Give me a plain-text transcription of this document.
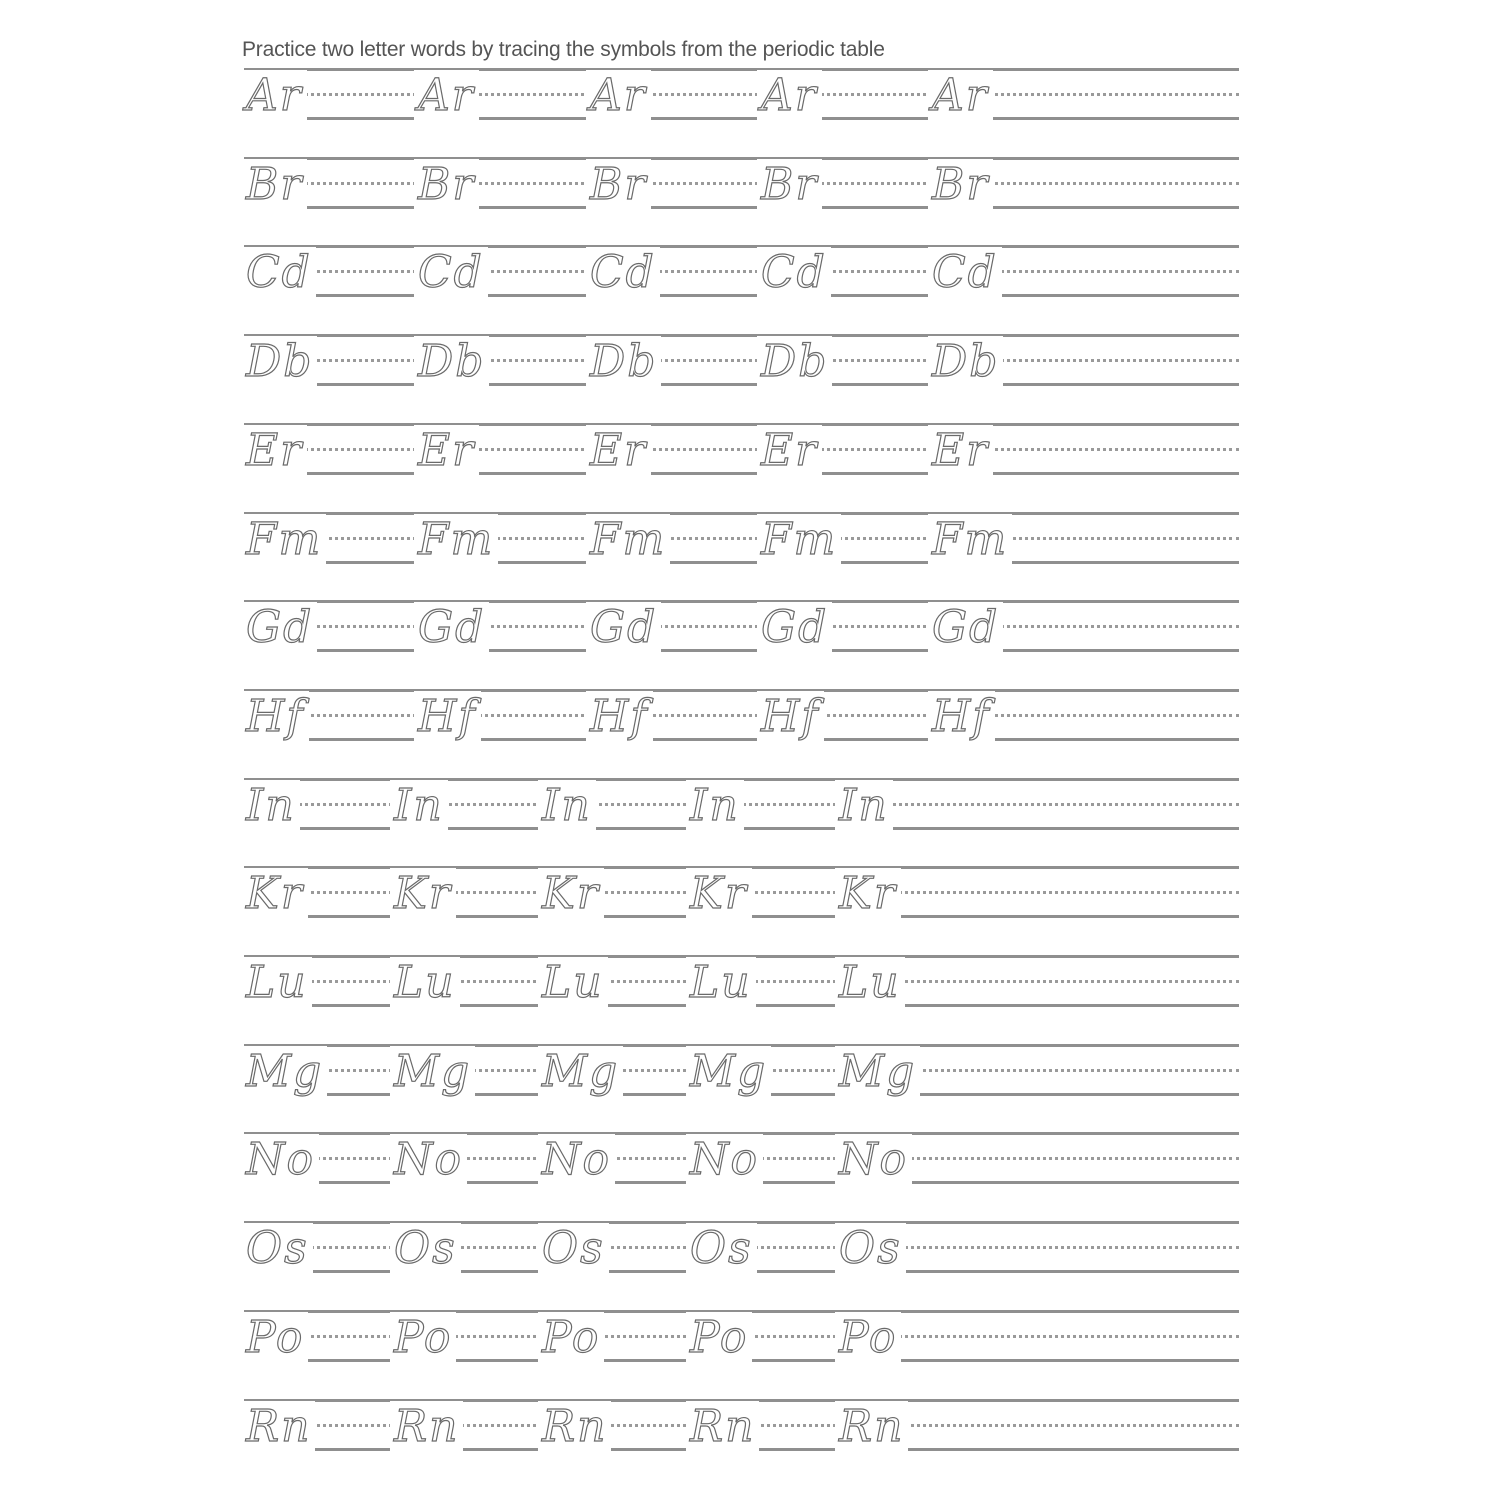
Practice two letter words by tracing the symbols from the periodic table
Ar	Ar	Ar	Ar	Ar
Br	Br	Br	Br	Br
Cd Cd Cd Cd Cd
Db Db Db Db Db
Er	Er	Er	Er	Er
Fm Fm Fm Fm Fm
Gd Gd Gd Gd Gd
Hf	Hf	Hf	Hf	Hf
In In In In In
Kr Kr Kr Kr Kr
Lu Lu Lu Lu Lu
Mg Mg Mg Mg Mg
No No No No No
Os Os Os Os Os
Po Po Po Po Po
Rn Rn Rn Rn Rn
